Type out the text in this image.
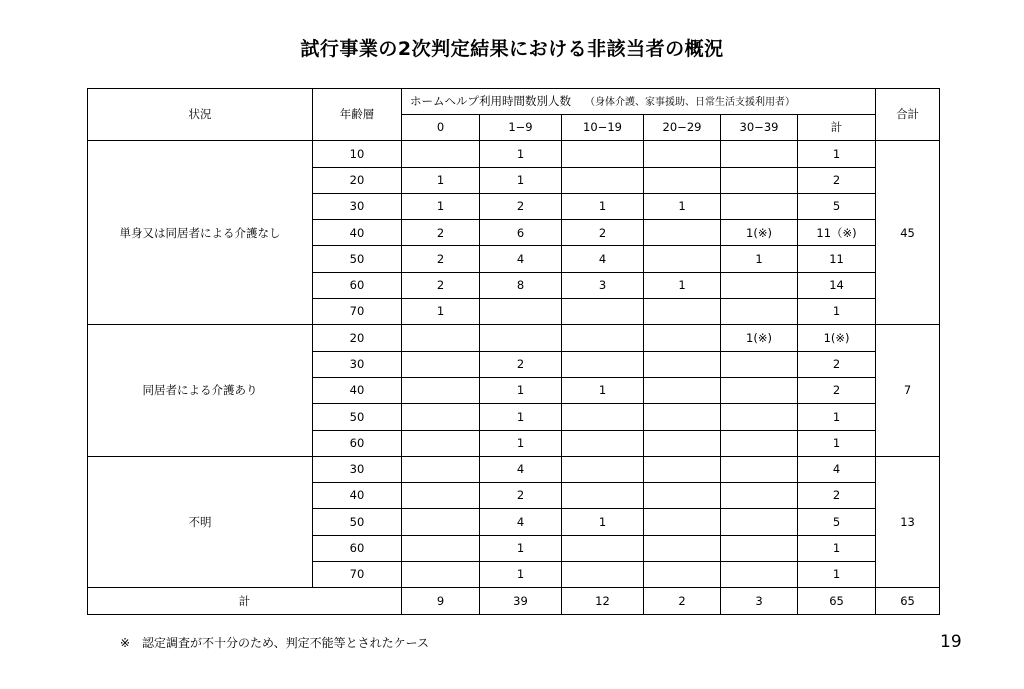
試行事業の2次判定結果における非該当者の概況
状況	年齢層	ホームヘルプ利用時間数別人数 （身体介護、家事援助、日常生活支援利用者）						合計
		0	1−9	10−19	20−29	30−39	計	
単身又は同居者による介護なし	10		1				1	45
	20	1	1				2	
	30	1	2	1	1		5	
	40	2	6	2		1(※)	11（※)	
	50	2	4	4		1	11	
	60	2	8	3	1		14	
	70	1					1	
同居者による介護あり	20					1(※)	1(※)	7
	30		2				2	
	40		1	1			2	
	50		1				1	
	60		1				1	
不明	30		4				4	13
	40		2				2	
	50		4	1			5	
	60		1				1	
	70		1				1	
計		9	39	12	2	3	65	65
※　認定調査が不十分のため、判定不能等とされたケース	19
